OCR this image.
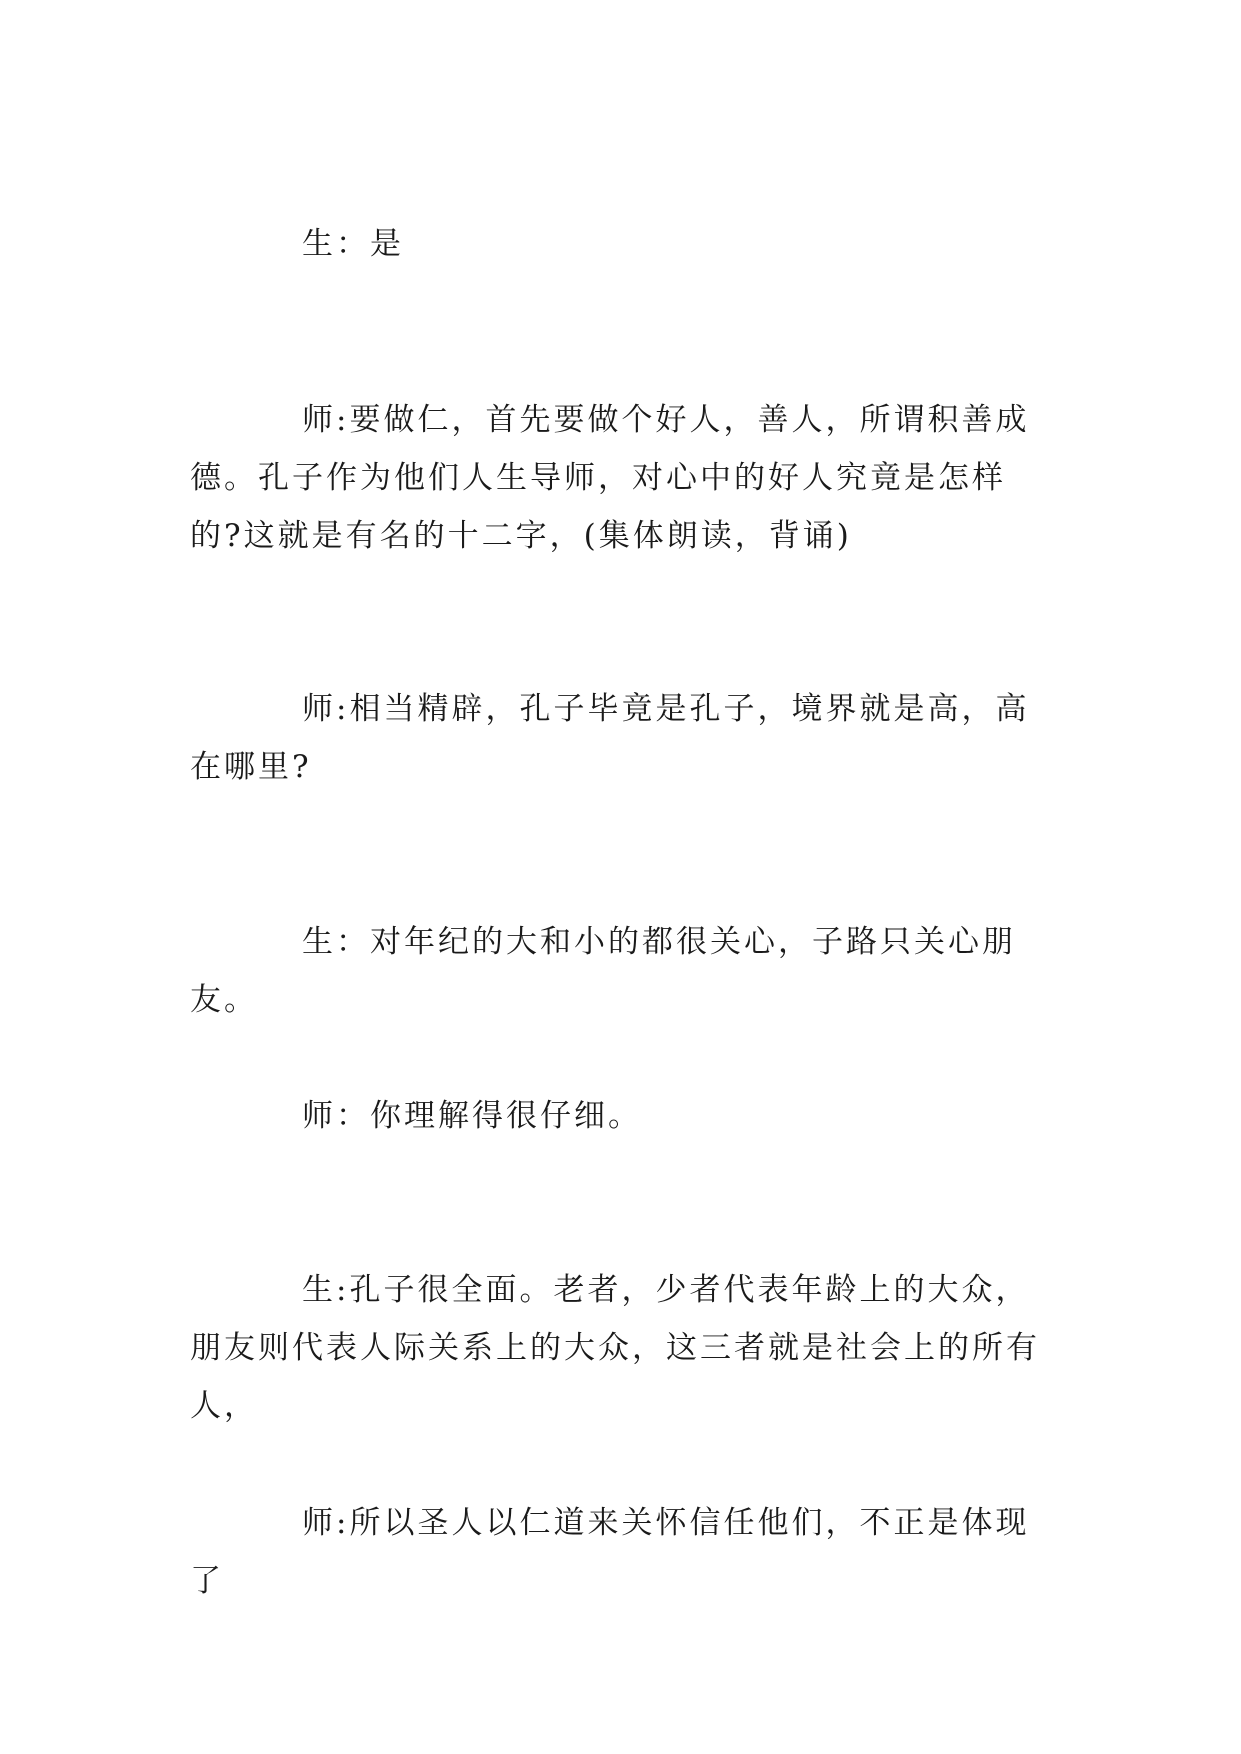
生：是

师:要做仁，首先要做个好人，善人，所谓积善成德。孔子作为他们人生导师，对心中的好人究竟是怎样的?这就是有名的十二字，(集体朗读，背诵)

师:相当精辟，孔子毕竟是孔子，境界就是高，高在哪里?

生：对年纪的大和小的都很关心，子路只关心朋友。

师：你理解得很仔细。

生:孔子很全面。老者，少者代表年龄上的大众，朋友则代表人际关系上的大众，这三者就是社会上的所有人，

师:所以圣人以仁道来关怀信任他们，不正是体现了
